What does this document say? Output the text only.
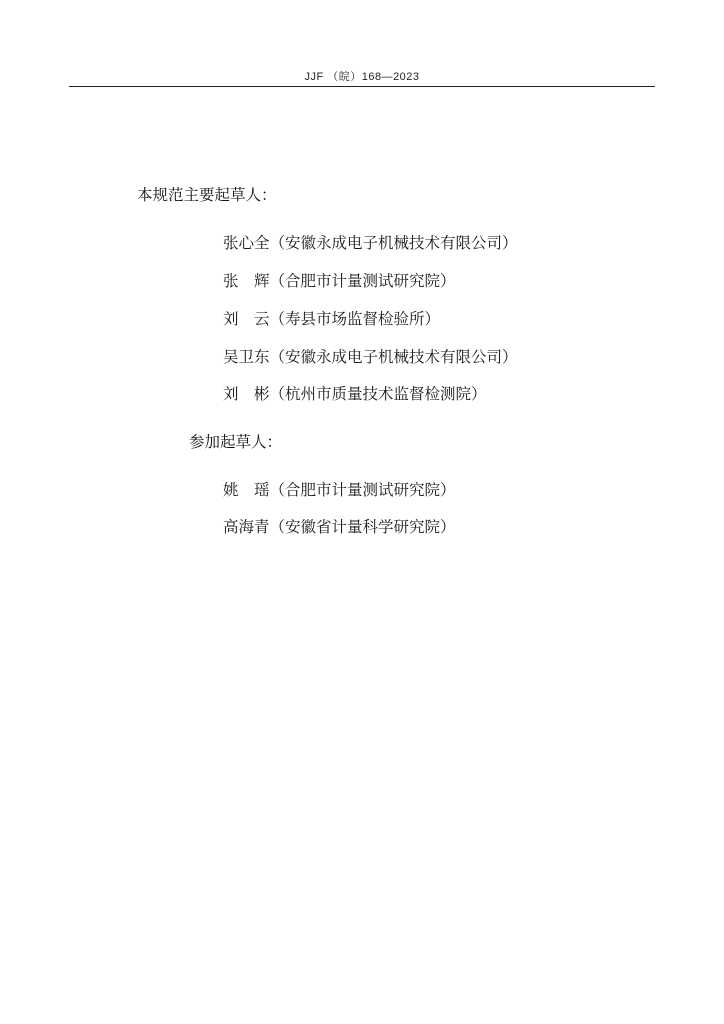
JJF （皖）168—2023
本规范主要起草人：
张心全（安徽永成电子机械技术有限公司）
张　辉（合肥市计量测试研究院）
刘　云（寿县市场监督检验所）
吴卫东（安徽永成电子机械技术有限公司）
刘　彬（杭州市质量技术监督检测院）
参加起草人：
姚　瑶（合肥市计量测试研究院）
高海青（安徽省计量科学研究院）
